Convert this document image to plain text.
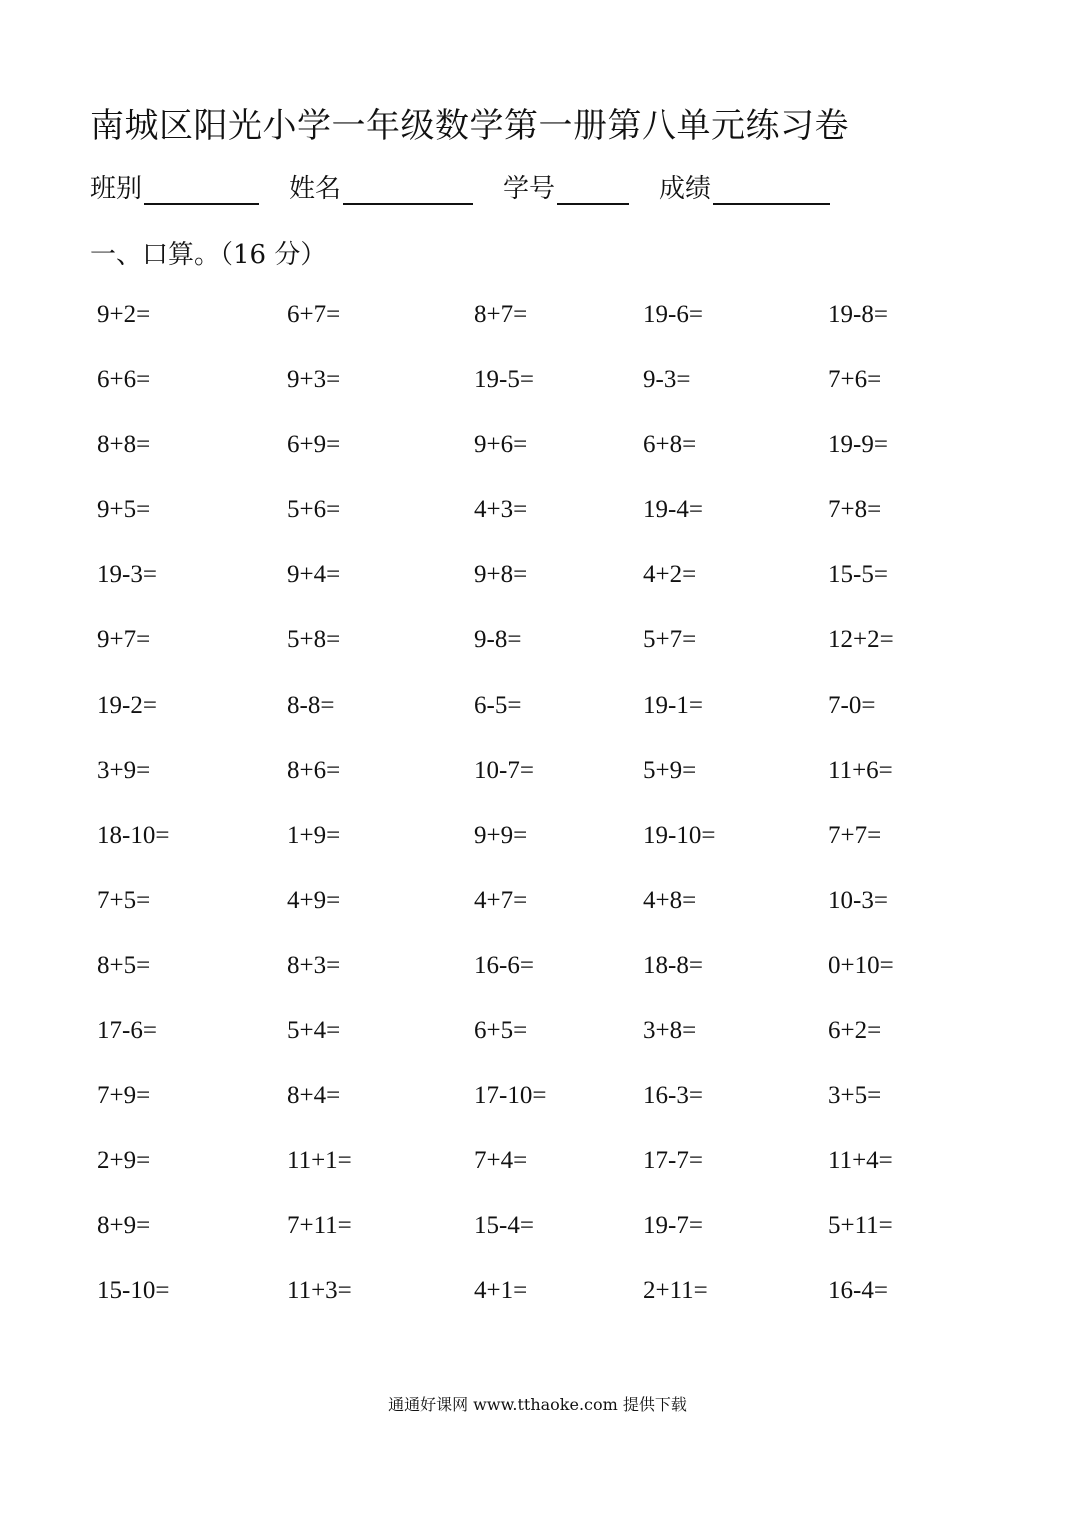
南城区阳光小学一年级数学第一册第八单元练习卷
班别	姓名	学号	成绩
一、口算。（16 分）
9+2=	6+7=	8+7=	19-6=	19-8=
6+6=	9+3=	19-5=	9-3=	7+6=
8+8=	6+9=	9+6=	6+8=	19-9=
9+5=	5+6=	4+3=	19-4=	7+8=
19-3=	9+4=	9+8=	4+2=	15-5=
9+7=	5+8=	9-8=	5+7=	12+2=
19-2=	8-8=	6-5=	19-1=	7-0=
3+9=	8+6=	10-7=	5+9=	11+6=
18-10=	1+9=	9+9=	19-10=	7+7=
7+5=	4+9=	4+7=	4+8=	10-3=
8+5=	8+3=	16-6=	18-8=	0+10=
17-6=	5+4=	6+5=	3+8=	6+2=
7+9=	8+4=	17-10=	16-3=	3+5=
2+9=	11+1=	7+4=	17-7=	11+4=
8+9=	7+11=	15-4=	19-7=	5+11=
15-10=	11+3=	4+1=	2+11=	16-4=
通通好课网 www.tthaoke.com 提供下载
